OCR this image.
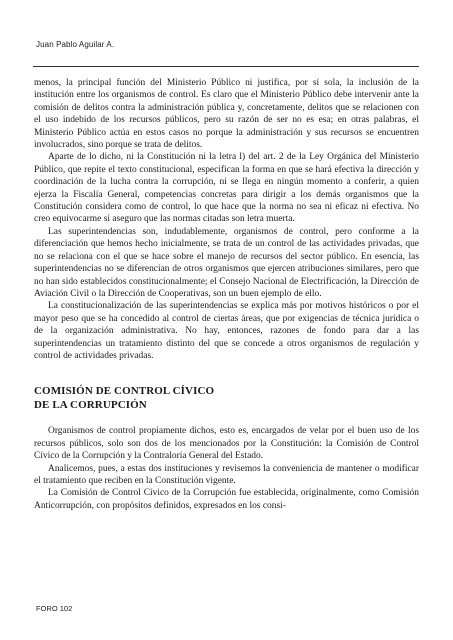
Juan Pablo Aguilar A.

menos, la principal función del Ministerio Público ni justifica, por sí sola, la inclusión de la institución entre los organismos de control. Es claro que el Ministerio Público debe intervenir ante la comisión de delitos contra la administración pública y, concretamente, delitos que se relacionen con el uso indebido de los recursos públicos, pero su razón de ser no es esa; en otras palabras, el Ministerio Público actúa en estos casos no porque la administración y sus recursos se encuentren involucrados, sino porque se trata de delitos.

Aparte de lo dicho, ni la Constitución ni la letra l) del art. 2 de la Ley Orgánica del Ministerio Público, que repite el texto constitucional, especifican la forma en que se hará efectiva la dirección y coordinación de la lucha contra la corrupción, ni se llega en ningún momento a conferir, a quien ejerza la Fiscalía General, competencias concretas para dirigir a los demás organismos que la Constitución considera como de control, lo que hace que la norma no sea ni eficaz ni efectiva. No creo equivocarme si aseguro que las normas citadas son letra muerta.

Las superintendencias son, indudablemente, organismos de control, pero conforme a la diferenciación que hemos hecho inicialmente, se trata de un control de las actividades privadas, que no se relaciona con el que se hace sobre el manejo de recursos del sector público. En esencia, las superintendencias no se diferencian de otros organismos que ejercen atribuciones similares, pero que no han sido establecidos constitucionalmente; el Consejo Nacional de Electrificación, la Dirección de Aviación Civil o la Dirección de Cooperativas, son un buen ejemplo de ello.

La constitucionalización de las superintendencias se explica más por motivos históricos o por el mayor peso que se ha concedido al control de ciertas áreas, que por exigencias de técnica jurídica o de la organización administrativa. No hay, entonces, razones de fondo para dar a las superintendencias un tratamiento distinto del que se concede a otros organismos de regulación y control de actividades privadas.

COMISIÓN DE CONTROL CÍVICO
DE LA CORRUPCIÓN

Organismos de control propiamente dichos, esto es, encargados de velar por el buen uso de los recursos públicos, solo son dos de los mencionados por la Constitución: la Comisión de Control Cívico de la Corrupción y la Contraloría General del Estado.

Analicemos, pues, a estas dos instituciones y revisemos la conveniencia de mantener o modificar el tratamiento que reciben en la Constitución vigente.

La Comisión de Control Cívico de la Corrupción fue establecida, originalmente, como Comisión Anticorrupción, con propósitos definidos, expresados en los consi-

FORO 102
